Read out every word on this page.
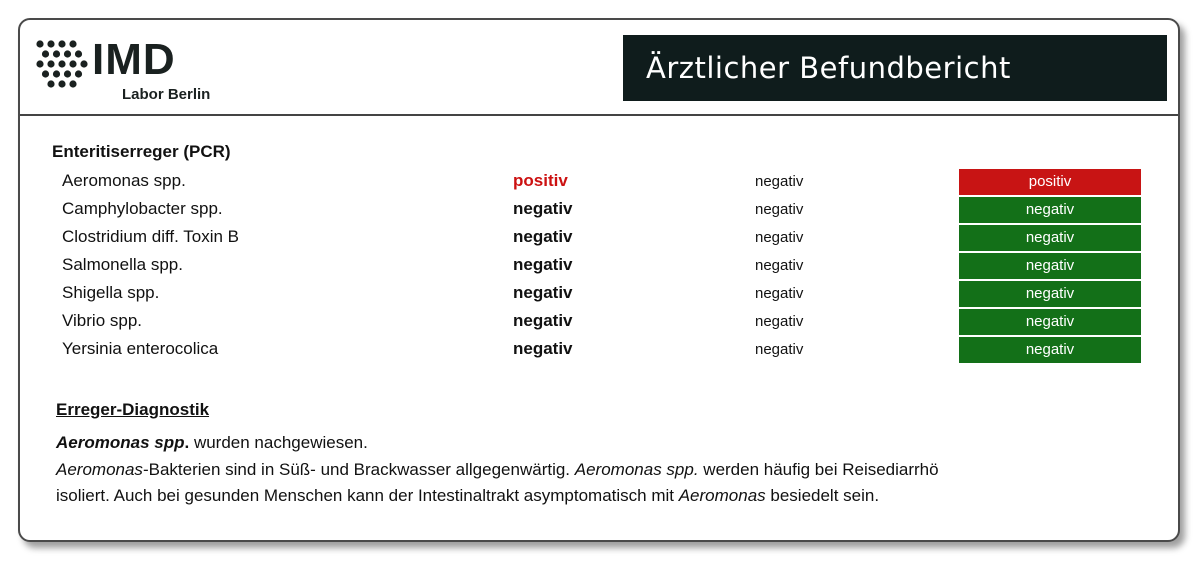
IMD
Labor Berlin
Ärztlicher Befundbericht
Enteritiserreger (PCR)
Aeromonas spp.	positiv	negativ	positiv
Camphylobacter spp.	negativ	negativ	negativ
Clostridium diff. Toxin B	negativ	negativ	negativ
Salmonella spp.	negativ	negativ	negativ
Shigella spp.	negativ	negativ	negativ
Vibrio spp.	negativ	negativ	negativ
Yersinia enterocolica	negativ	negativ	negativ
Erreger-Diagnostik
Aeromonas spp. wurden nachgewiesen.
Aeromonas-Bakterien sind in Süß- und Brackwasser allgegenwärtig. Aeromonas spp. werden häufig bei Reisediarrhö
isoliert. Auch bei gesunden Menschen kann der Intestinaltrakt asymptomatisch mit Aeromonas besiedelt sein.
